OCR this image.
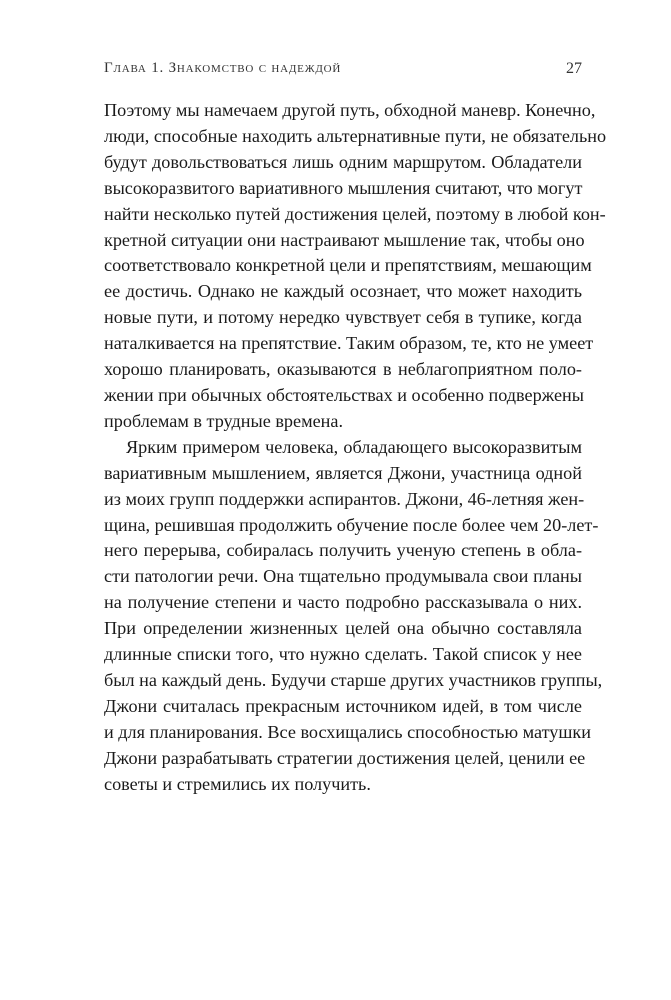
Глава 1. Знакомство с надеждой	27
Поэтому мы намечаем другой путь, обходной маневр. Конечно,
люди, способные находить альтернативные пути, не обязательно
будут довольствоваться лишь одним маршрутом. Обладатели
высокоразвитого вариативного мышления считают, что могут
найти несколько путей достижения целей, поэтому в любой кон-
кретной ситуации они настраивают мышление так, чтобы оно
соответствовало конкретной цели и препятствиям, мешающим
ее достичь. Однако не каждый осознает, что может находить
новые пути, и потому нередко чувствует себя в тупике, когда
наталкивается на препятствие. Таким образом, те, кто не умеет
хорошо планировать, оказываются в неблагоприятном поло-
жении при обычных обстоятельствах и особенно подвержены
проблемам в трудные времена.
Ярким примером человека, обладающего высокоразвитым
вариативным мышлением, является Джони, участница одной
из моих групп поддержки аспирантов. Джони, 46-летняя жен-
щина, решившая продолжить обучение после более чем 20-лет-
него перерыва, собиралась получить ученую степень в обла-
сти патологии речи. Она тщательно продумывала свои планы
на получение степени и часто подробно рассказывала о них.
При определении жизненных целей она обычно составляла
длинные списки того, что нужно сделать. Такой список у нее
был на каждый день. Будучи старше других участников группы,
Джони считалась прекрасным источником идей, в том числе
и для планирования. Все восхищались способностью матушки
Джони разрабатывать стратегии достижения целей, ценили ее
советы и стремились их получить.
